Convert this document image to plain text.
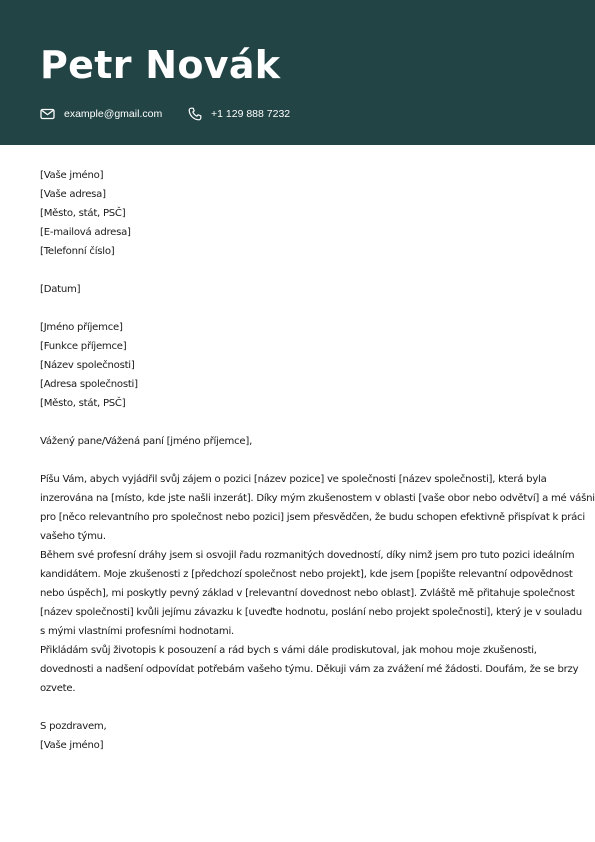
Petr Novák
example@gmail.com	+1 129 888 7232
[Vaše jméno]
[Vaše adresa]
[Město, stát, PSČ]
[E-mailová adresa]
[Telefonní číslo]
[Datum]
[Jméno příjemce]
[Funkce příjemce]
[Název společnosti]
[Adresa společnosti]
[Město, stát, PSČ]
Vážený pane/Vážená paní [jméno příjemce],
Píšu Vám, abych vyjádřil svůj zájem o pozici [název pozice] ve společnosti [název společnosti], která byla
inzerována na [místo, kde jste našli inzerát]. Díky mým zkušenostem v oblasti [vaše obor nebo odvětví] a mé vášni
pro [něco relevantního pro společnost nebo pozici] jsem přesvědčen, že budu schopen efektivně přispívat k práci
vašeho týmu.
Během své profesní dráhy jsem si osvojil řadu rozmanitých dovedností, díky nimž jsem pro tuto pozici ideálním
kandidátem. Moje zkušenosti z [předchozí společnost nebo projekt], kde jsem [popište relevantní odpovědnost
nebo úspěch], mi poskytly pevný základ v [relevantní dovednost nebo oblast]. Zvláště mě přitahuje společnost
[název společnosti] kvůli jejímu závazku k [uveďte hodnotu, poslání nebo projekt společnosti], který je v souladu
s mými vlastními profesními hodnotami.
Přikládám svůj životopis k posouzení a rád bych s vámi dále prodiskutoval, jak mohou moje zkušenosti,
dovednosti a nadšení odpovídat potřebám vašeho týmu. Děkuji vám za zvážení mé žádosti. Doufám, že se brzy
ozvete.
S pozdravem,
[Vaše jméno]
